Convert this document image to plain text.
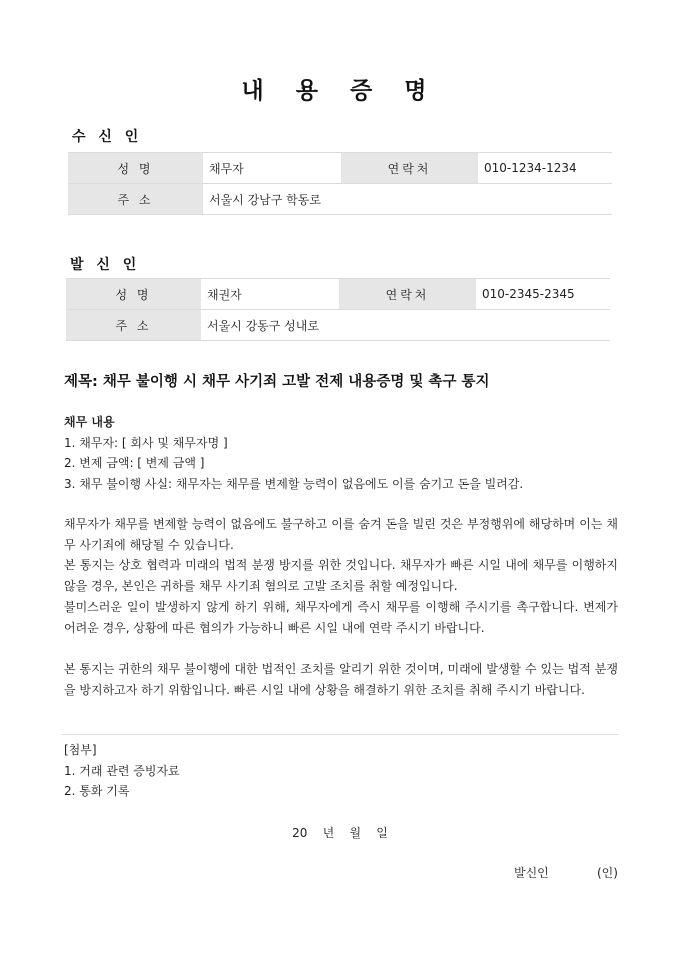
내 용 증 명
수 신 인
성 명	채무자	연락처	010-1234-1234
주 소	서울시 강남구 학동로		
발 신 인
성 명	채권자	연락처	010-2345-2345
주 소	서울시 강동구 성내로		
제목: 채무 불이행 시 채무 사기죄 고발 전제 내용증명 및 촉구 통지
채무 내용
1. 채무자: [ 회사 및 채무자명 ]
2. 변제 금액: [ 변제 금액 ]
3. 채무 불이행 사실: 채무자는 채무를 변제할 능력이 없음에도 이를 숨기고 돈을 빌려감.
채무자가 채무를 변제할 능력이 없음에도 불구하고 이를 숨겨 돈을 빌린 것은 부정행위에 해당하며 이는 채무 사기죄에 해당될 수 있습니다.
본 통지는 상호 협력과 미래의 법적 분쟁 방지를 위한 것입니다. 채무자가 빠른 시일 내에 채무를 이행하지 않을 경우, 본인은 귀하를 채무 사기죄 혐의로 고발 조치를 취할 예정입니다.
불미스러운 일이 발생하지 않게 하기 위해, 채무자에게 즉시 채무를 이행해 주시기를 촉구합니다. 변제가 어려운 경우, 상황에 따른 협의가 가능하니 빠른 시일 내에 연락 주시기 바랍니다.
본 통지는 귀한의 채무 불이행에 대한 법적인 조치를 알리기 위한 것이며, 미래에 발생할 수 있는 법적 분쟁을 방지하고자 하기 위함입니다. 빠른 시일 내에 상황을 해결하기 위한 조치를 취해 주시기 바랍니다.
[첨부]
1. 거래 관련 증빙자료
2. 통화 기록
20    년    월    일
발신인	(인)
